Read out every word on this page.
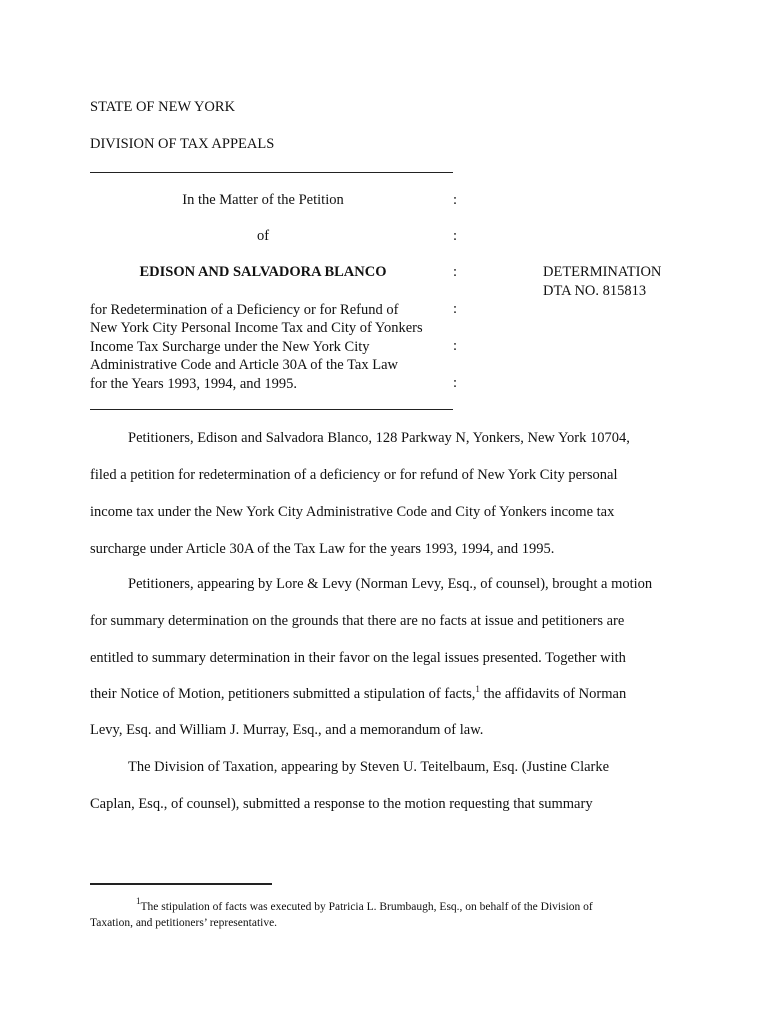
STATE OF NEW YORK
DIVISION OF TAX APPEALS
In the Matter of the Petition
of
EDISON AND SALVADORA BLANCO
for Redetermination of a Deficiency or for Refund of
New York City Personal Income Tax and City of Yonkers
Income Tax Surcharge under the New York City
Administrative Code and Article 30A of the Tax Law
for the Years 1993, 1994, and 1995.
:
:
:
:
:
:
DETERMINATION
DTA NO. 815813
Petitioners, Edison and Salvadora Blanco, 128 Parkway N, Yonkers, New York 10704,
filed a petition for redetermination of a deficiency or for refund of New York City personal
income tax under the New York City Administrative Code and City of Yonkers income tax
surcharge under Article 30A of the Tax Law for the years 1993, 1994, and 1995.
Petitioners, appearing by Lore & Levy (Norman Levy, Esq., of counsel), brought a motion
for summary determination on the grounds that there are no facts at issue and petitioners are
entitled to summary determination in their favor on the legal issues presented. Together with
their Notice of Motion, petitioners submitted a stipulation of facts,$^1$ the affidavits of Norman
Levy, Esq. and William J. Murray, Esq., and a memorandum of law.
The Division of Taxation, appearing by Steven U. Teitelbaum, Esq. (Justine Clarke
Caplan, Esq., of counsel), submitted a response to the motion requesting that summary
$^1$The stipulation of facts was executed by Patricia L. Brumbaugh, Esq., on behalf of the Division of
Taxation, and petitioners’ representative.
